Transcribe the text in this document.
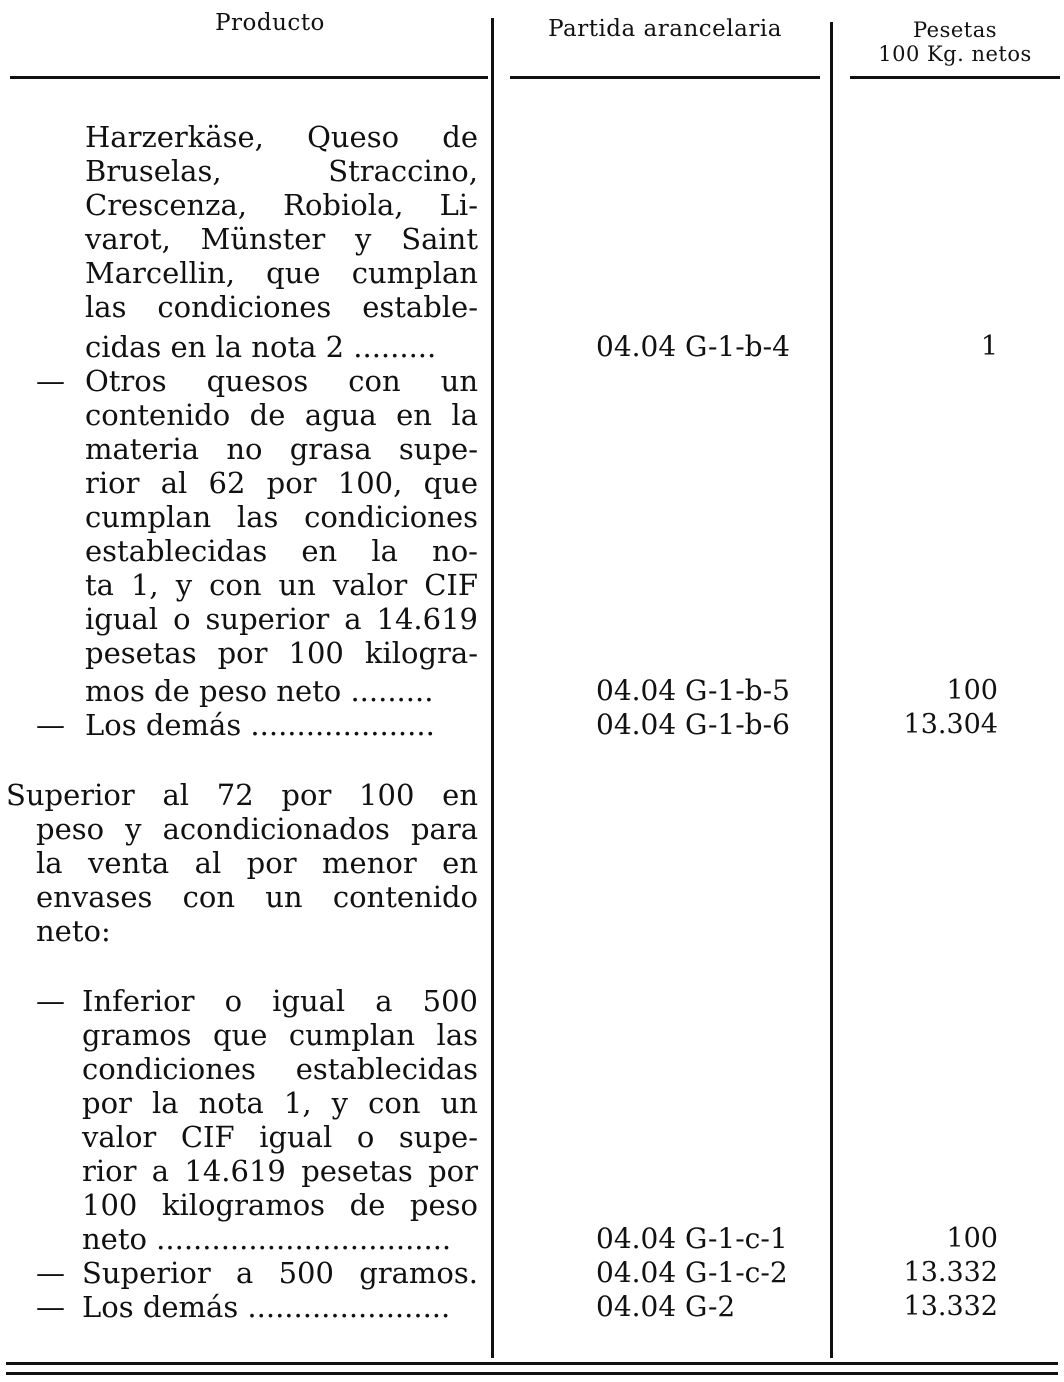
Producto	Partida arancelaria	Pesetas
100 Kg. netos
Harzerkäse, Queso de
Bruselas, Straccino,
Crescenza, Robiola, Li-
varot, Münster y Saint
Marcellin, que cumplan
las condiciones estable-
cidas en la nota 2 .........	04.04 G-1-b-4	1
— Otros quesos con un
contenido de agua en la
materia no grasa supe-
rior al 62 por 100, que
cumplan las condiciones
establecidas en la no-
ta 1, y con un valor CIF
igual o superior a 14.619
pesetas por 100 kilogra-
mos de peso neto .........	04.04 G-1-b-5	100
— Los demás ....................	04.04 G-1-b-6	13.304
Superior al 72 por 100 en
peso y acondicionados para
la venta al por menor en
envases con un contenido
neto:
— Inferior o igual a 500
gramos que cumplan las
condiciones establecidas
por la nota 1, y con un
valor CIF igual o supe-
rior a 14.619 pesetas por
100 kilogramos de peso
neto ................................	04.04 G-1-c-1	100
— Superior a 500 gramos.	04.04 G-1-c-2	13.332
— Los demás ......................	04.04 G-2	13.332
